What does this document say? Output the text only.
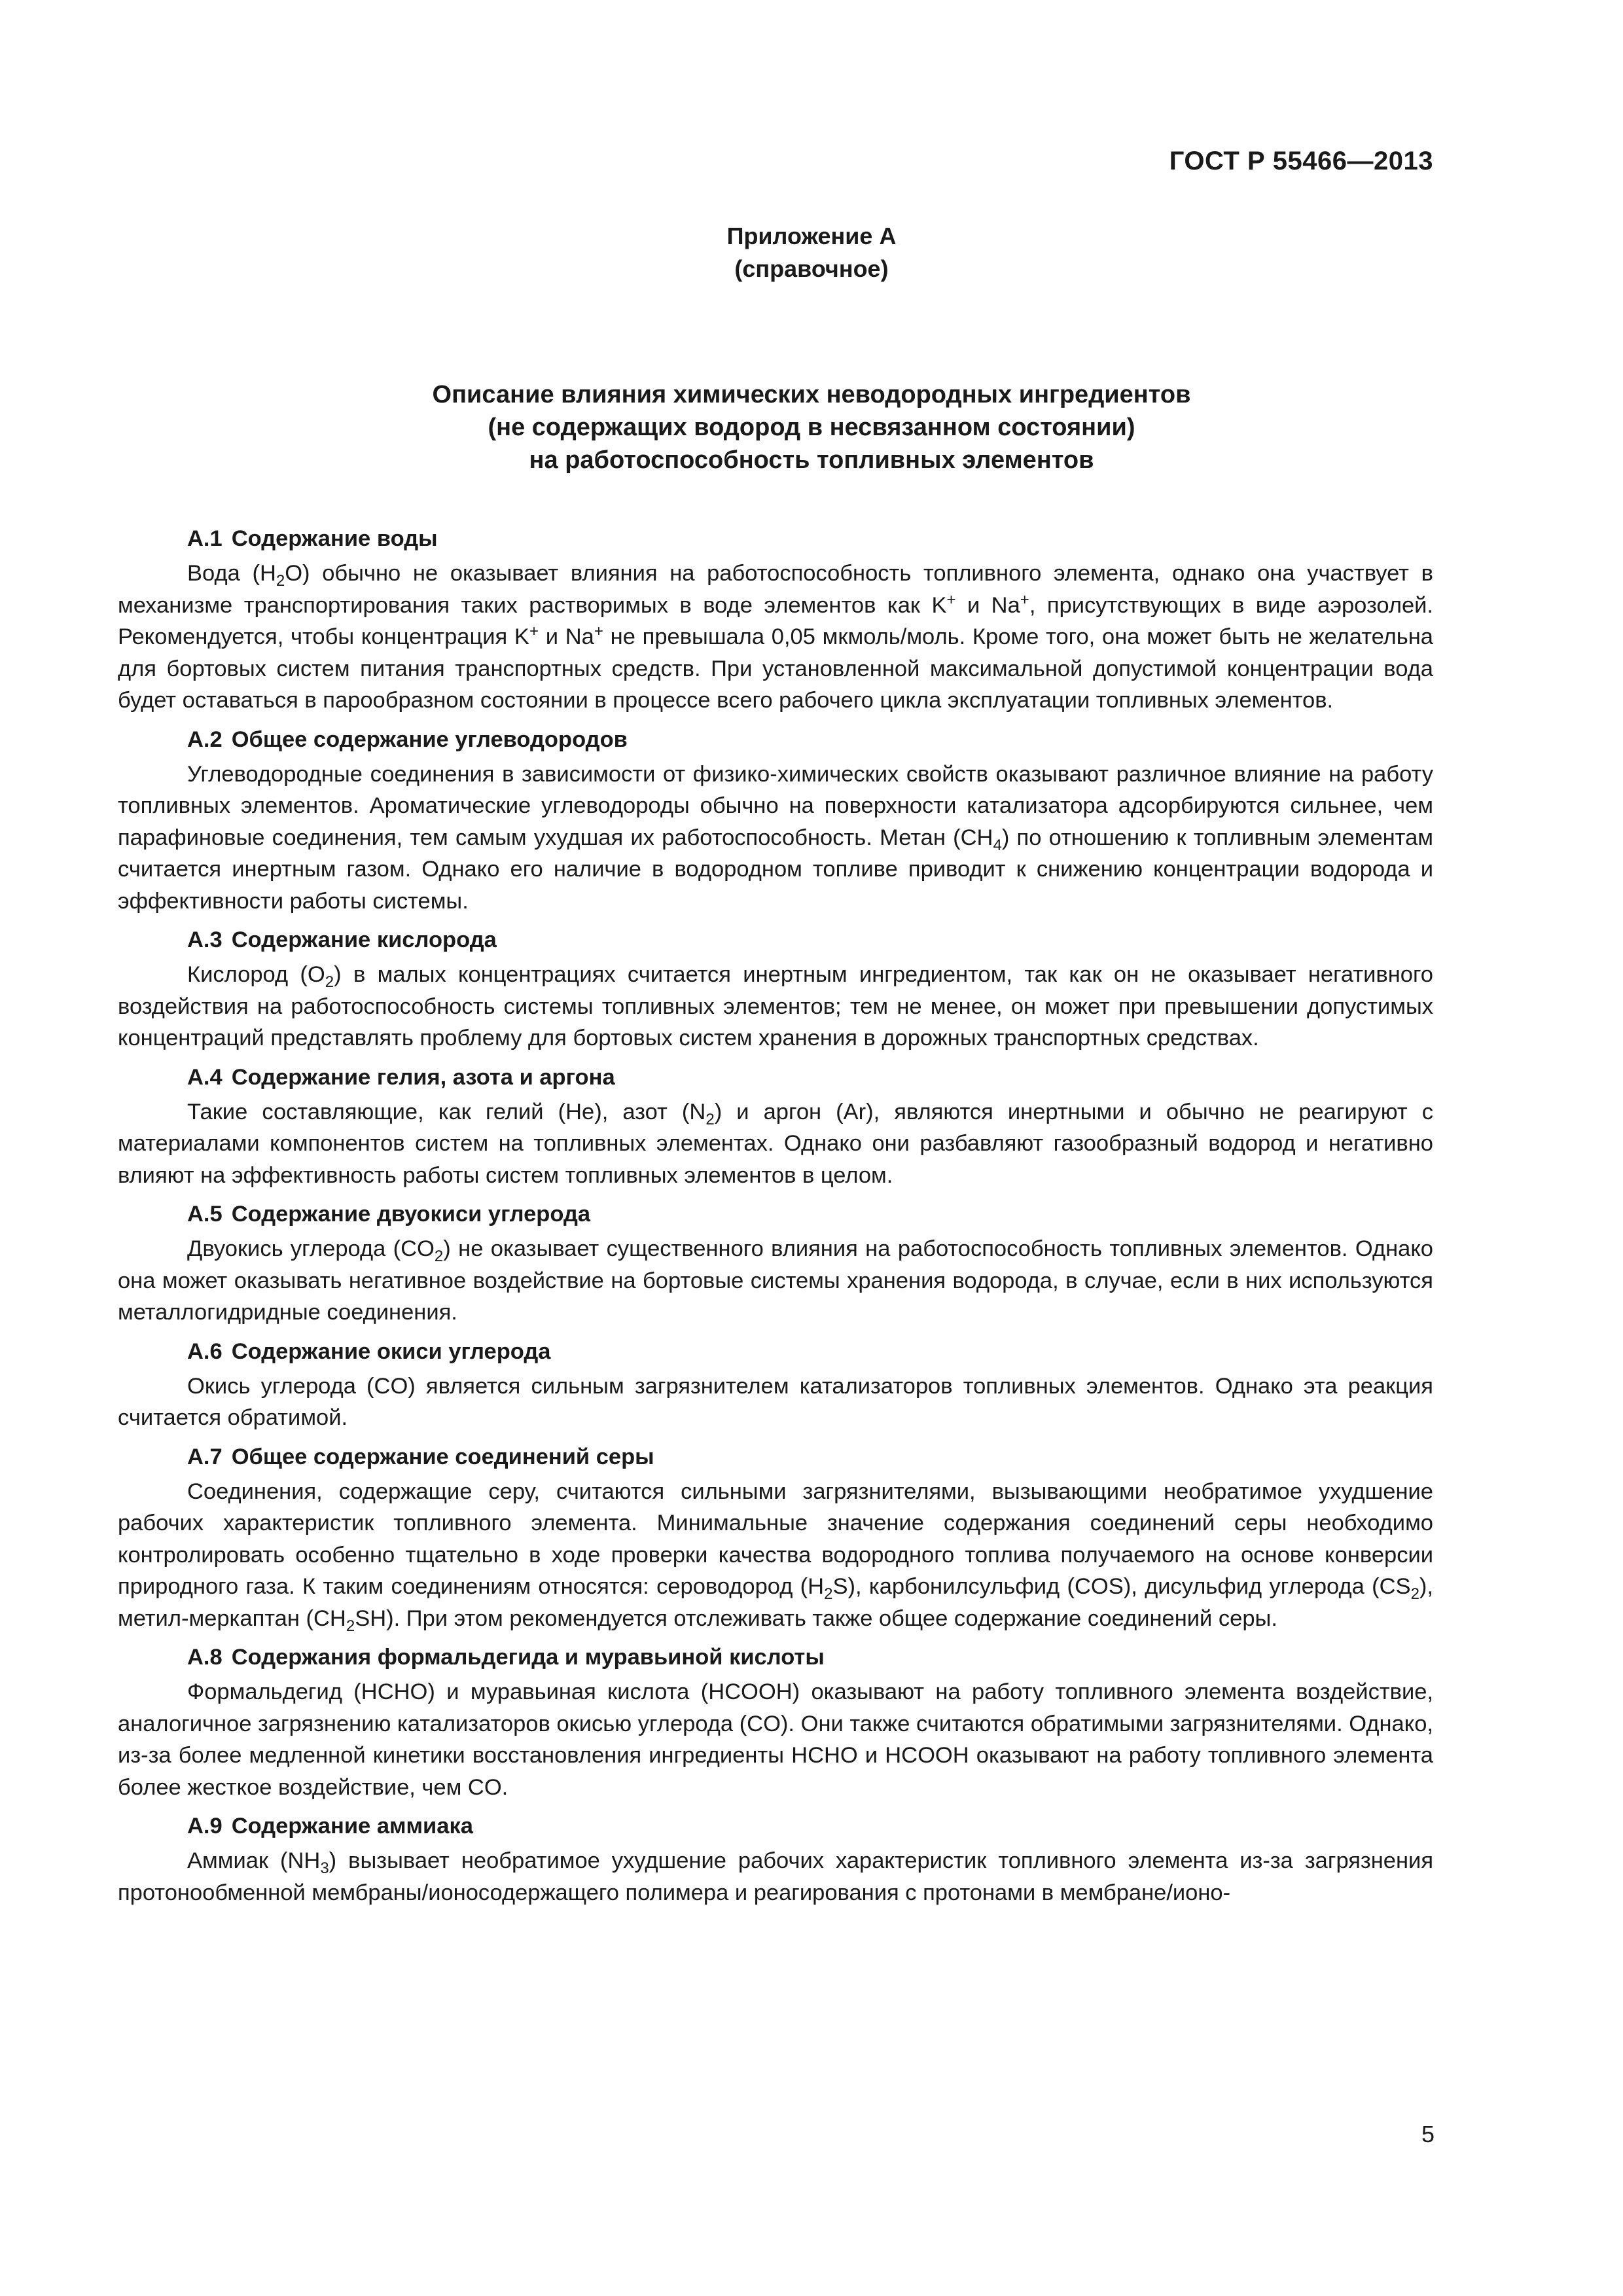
ГОСТ Р 55466—2013
Приложение А
(справочное)
Описание влияния химических неводородных ингредиентов
(не содержащих водород в несвязанном состоянии)
на работоспособность топливных элементов
А.1 Содержание воды
Вода $(H_2O)$ обычно не оказывает влияния на работоспособность топливного элемента, однако она участвует в механизме транспортирования таких растворимых в воде элементов как K+ и Na+, присутствующих в виде аэрозолей. Рекомендуется, чтобы концентрация K+ и Na+ не превышала 0,05 мкмоль/моль. Кроме того, она может быть не желательна для бортовых систем питания транспортных средств. При установленной максимальной допустимой концентрации вода будет оставаться в парообразном состоянии в процессе всего рабочего цикла эксплуатации топливных элементов.
А.2 Общее содержание углеводородов
Углеводородные соединения в зависимости от физико-химических свойств оказывают различное влияние на работу топливных элементов. Ароматические углеводороды обычно на поверхности катализатора адсорбируются сильнее, чем парафиновые соединения, тем самым ухудшая их работоспособность. Метан $(CH_4)$ по отношению к топливным элементам считается инертным газом. Однако его наличие в водородном топливе приводит к снижению концентрации водорода и эффективности работы системы.
А.3 Содержание кислорода
Кислород $(O_2)$ в малых концентрациях считается инертным ингредиентом, так как он не оказывает негативного воздействия на работоспособность системы топливных элементов; тем не менее, он может при превышении допустимых концентраций представлять проблему для бортовых систем хранения в дорожных транспортных средствах.
А.4 Содержание гелия, азота и аргона
Такие составляющие, как гелий (He), азот $(N_2)$ и аргон (Ar), являются инертными и обычно не реагируют с материалами компонентов систем на топливных элементах. Однако они разбавляют газообразный водород и негативно влияют на эффективность работы систем топливных элементов в целом.
А.5 Содержание двуокиси углерода
Двуокись углерода $(CO_2)$ не оказывает существенного влияния на работоспособность топливных элементов. Однако она может оказывать негативное воздействие на бортовые системы хранения водорода, в случае, если в них используются металлогидридные соединения.
А.6 Содержание окиси углерода
Окись углерода (CO) является сильным загрязнителем катализаторов топливных элементов. Однако эта реакция считается обратимой.
А.7 Общее содержание соединений серы
Соединения, содержащие серу, считаются сильными загрязнителями, вызывающими необратимое ухудшение рабочих характеристик топливного элемента. Минимальные значение содержания соединений серы необходимо контролировать особенно тщательно в ходе проверки качества водородного топлива получаемого на основе конверсии природного газа. К таким соединениям относятся: сероводород $(H_2S)$, карбонилсульфид (COS), дисульфид углерода $(CS_2)$, метил-меркаптан $(CH_2SH)$. При этом рекомендуется отслеживать также общее содержание соединений серы.
А.8 Содержания формальдегида и муравьиной кислоты
Формальдегид (HCHO) и муравьиная кислота (HCOOH) оказывают на работу топливного элемента воздействие, аналогичное загрязнению катализаторов окисью углерода (CO). Они также считаются обратимыми загрязнителями. Однако, из-за более медленной кинетики восстановления ингредиенты HCHO и HCOOH оказывают на работу топливного элемента более жесткое воздействие, чем CO.
А.9 Содержание аммиака
Аммиак $(NH_3)$ вызывает необратимое ухудшение рабочих характеристик топливного элемента из-за загрязнения протонообменной мембраны/ионосодержащего полимера и реагирования с протонами в мембране/ионо-
5
